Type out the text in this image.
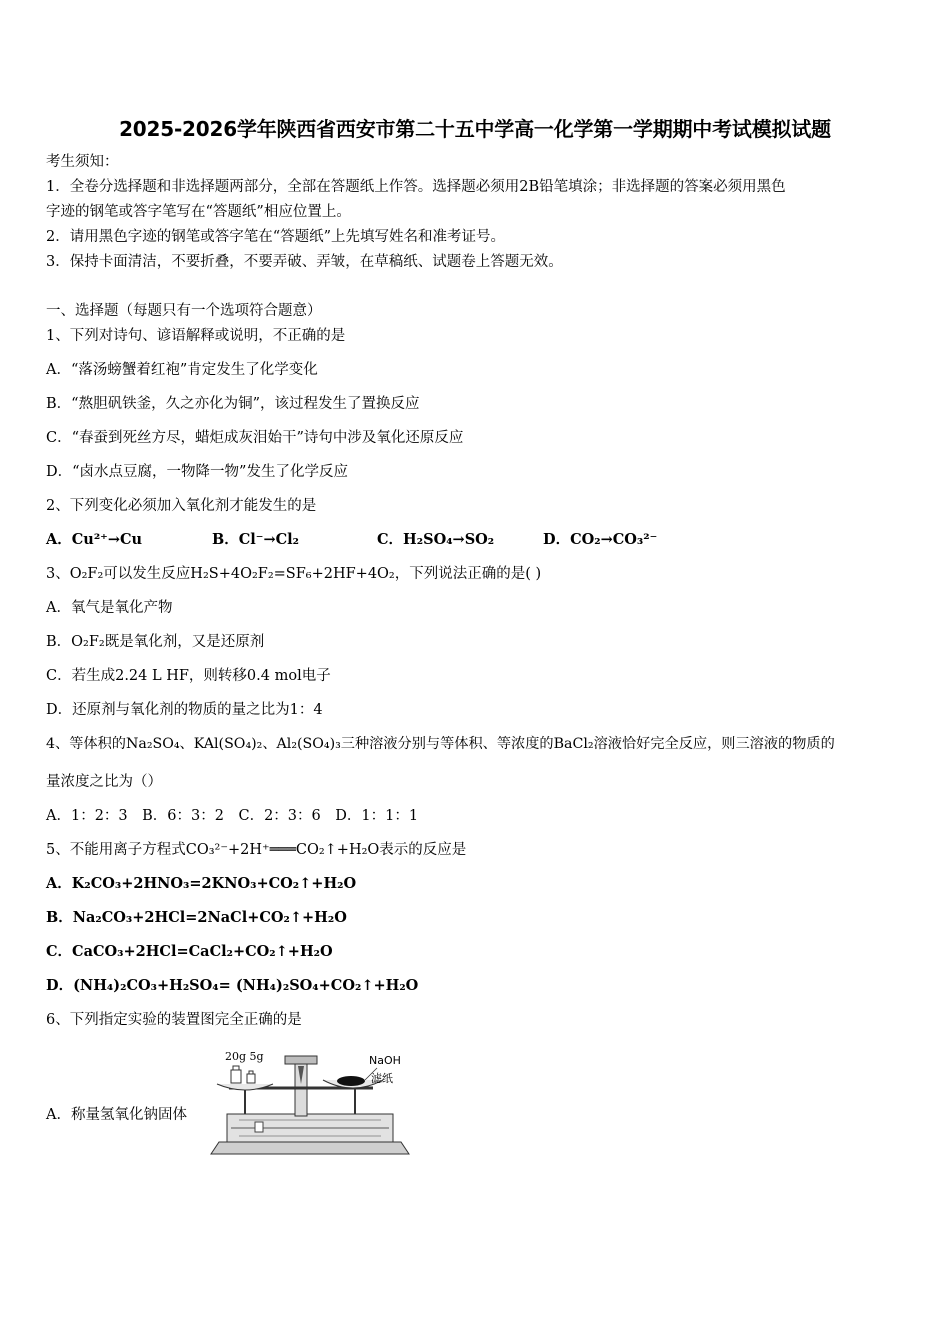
2025-2026学年陕西省西安市第二十五中学高一化学第一学期期中考试模拟试题
考生须知：
1．全卷分选择题和非选择题两部分，全部在答题纸上作答。选择题必须用2B铅笔填涂；非选择题的答案必须用黑色
字迹的钢笔或答字笔写在“答题纸”相应位置上。
2．请用黑色字迹的钢笔或答字笔在“答题纸”上先填写姓名和准考证号。
3．保持卡面清洁，不要折叠，不要弄破、弄皱，在草稿纸、试题卷上答题无效。
一、选择题（每题只有一个选项符合题意）
1、下列对诗句、谚语解释或说明，不正确的是
A．“落汤螃蟹着红袍”肯定发生了化学变化
B．“熬胆矾铁釜，久之亦化为铜”，该过程发生了置换反应
C．“春蚕到死丝方尽，蜡炬成灰泪始干”诗句中涉及氧化还原反应
D．“卤水点豆腐，一物降一物”发生了化学反应
2、下列变化必须加入氧化剂才能发生的是
A．Cu²⁺→Cu	B．Cl⁻→Cl₂	C．H₂SO₄→SO₂	D．CO₂→CO₃²⁻
3、O₂F₂可以发生反应H₂S+4O₂F₂=SF₆+2HF+4O₂，下列说法正确的是( )
A．氧气是氧化产物
B．O₂F₂既是氧化剂，又是还原剂
C．若生成2.24 L HF，则转移0.4 mol电子
D．还原剂与氧化剂的物质的量之比为1：4
4、等体积的Na₂SO₄、KAl(SO₄)₂、Al₂(SO₄)₃三种溶液分别与等体积、等浓度的BaCl₂溶液恰好完全反应，则三溶液的物质的
量浓度之比为（）
A．1：2：3　B．6：3：2　C．2：3：6　D．1：1：1
5、不能用离子方程式CO₃²⁻+2H⁺═══CO₂↑+H₂O表示的反应是
A．K₂CO₃+2HNO₃=2KNO₃+CO₂↑+H₂O
B．Na₂CO₃+2HCl=2NaCl+CO₂↑+H₂O
C．CaCO₃+2HCl=CaCl₂+CO₂↑+H₂O
D．(NH₄)₂CO₃+H₂SO₄= (NH₄)₂SO₄+CO₂↑+H₂O
6、下列指定实验的装置图完全正确的是
A．称量氢氧化钠固体
20g 5g	NaOH
滤纸
